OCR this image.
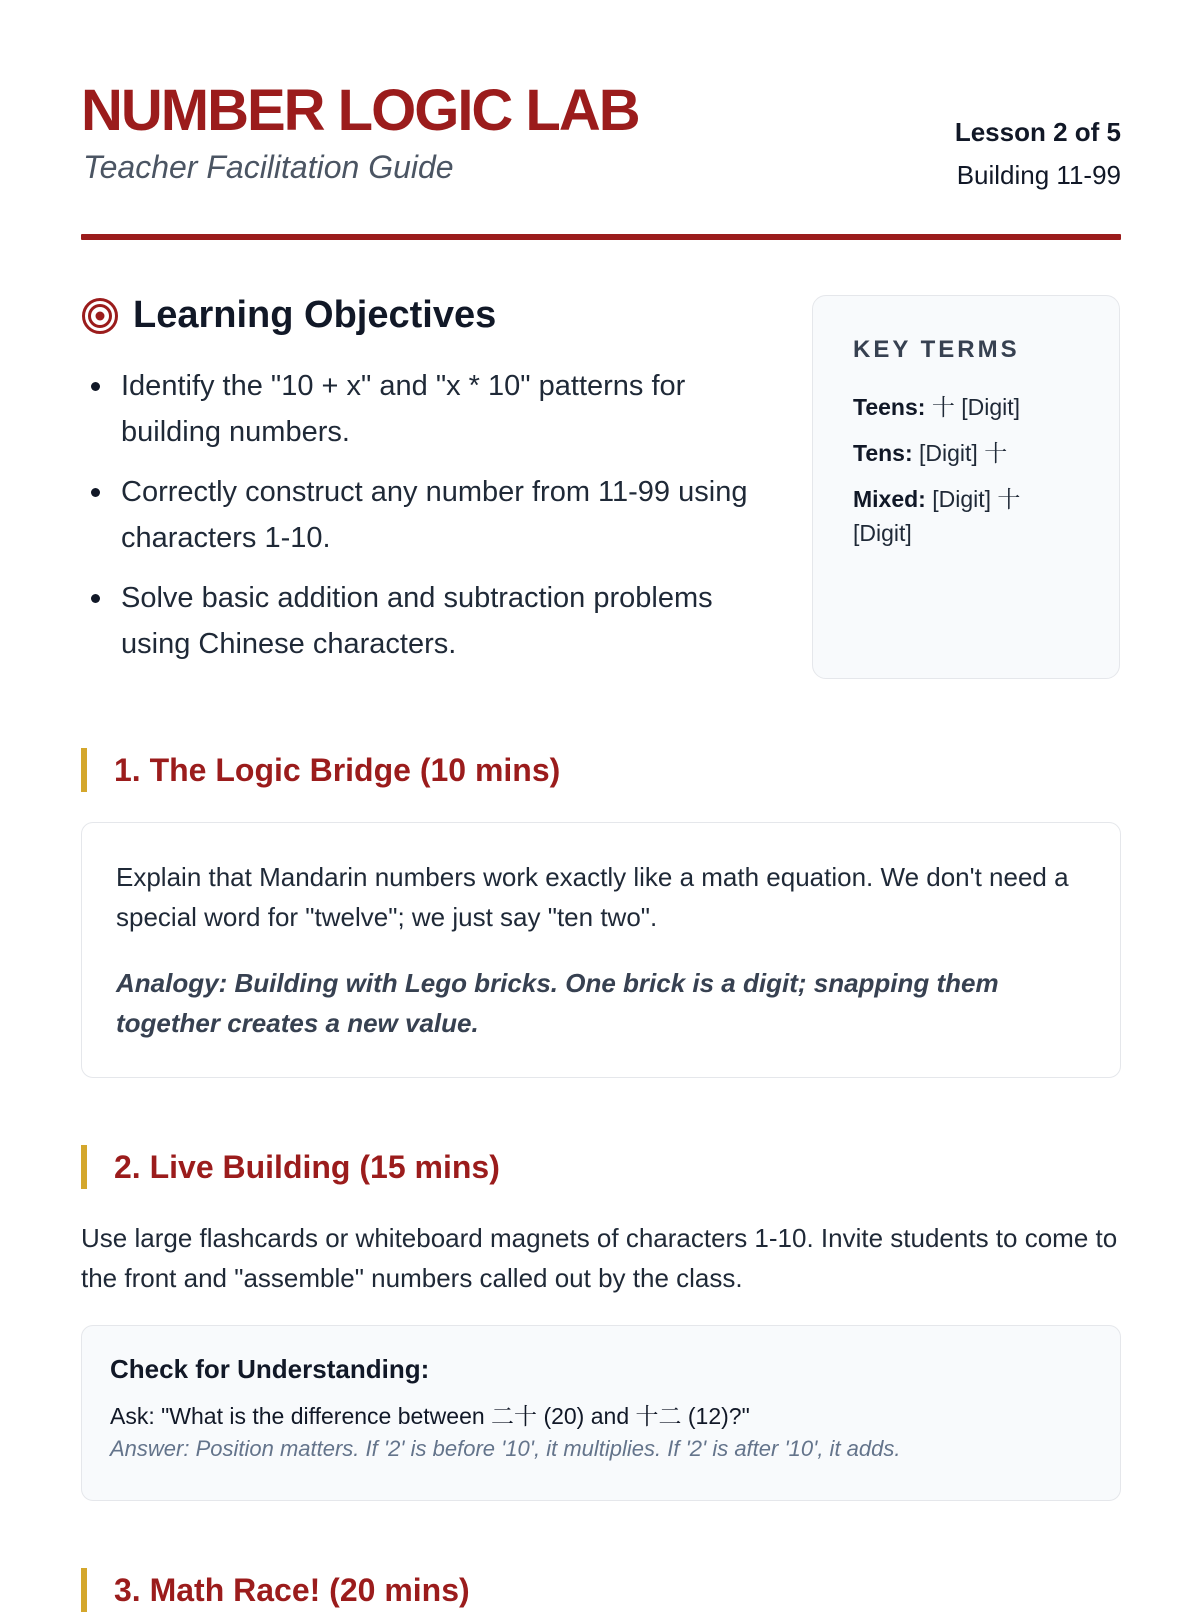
NUMBER LOGIC LAB
Teacher Facilitation Guide
Lesson 2 of 5
Building 11-99
Learning Objectives
Identify the "10 + x" and "x * 10" patterns for building numbers.
Correctly construct any number from 11-99 using characters 1-10.
Solve basic addition and subtraction problems using Chinese characters.
KEY TERMS
Teens: 十 [Digit]
Tens: [Digit] 十
Mixed: [Digit] 十 [Digit]
1. The Logic Bridge (10 mins)

Explain that Mandarin numbers work exactly like a math equation. We don't need a special word for "twelve"; we just say "ten two".

Analogy: Building with Lego bricks. One brick is a digit; snapping them together creates a new value.

2. Live Building (15 mins)
Use large flashcards or whiteboard magnets of characters 1-10. Invite students to come to the front and "assemble" numbers called out by the class.
Check for Understanding:
Ask: "What is the difference between 二十 (20) and 十二 (12)?"
Answer: Position matters. If '2' is before '10', it multiplies. If '2' is after '10', it adds.
3. Math Race! (20 mins)
